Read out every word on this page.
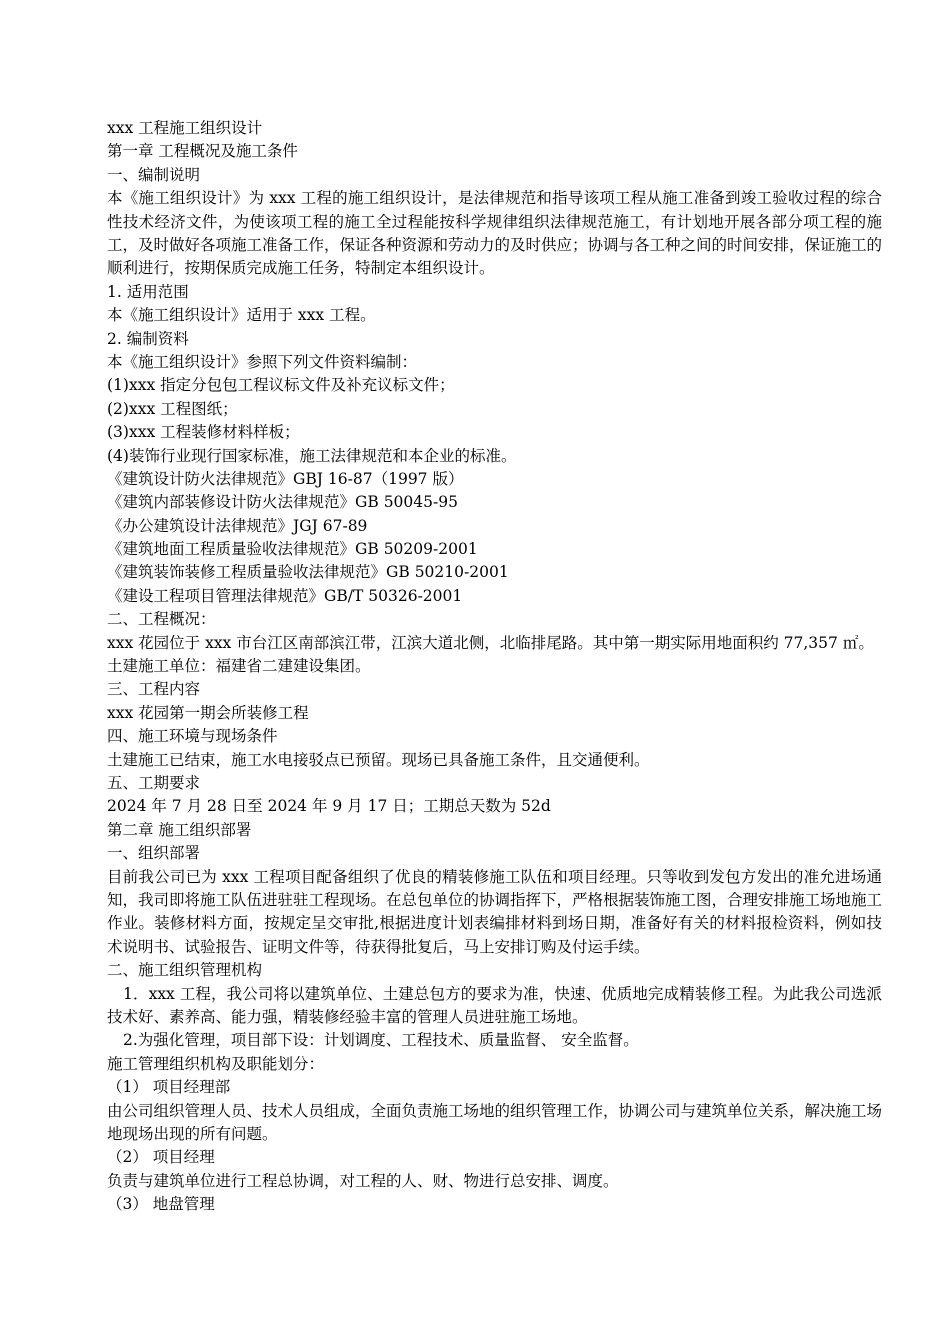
xxx 工程施工组织设计
第一章 工程概况及施工条件
一、编制说明

本《施工组织设计》为 xxx 工程的施工组织设计，是法律规范和指导该项工程从施工准备到竣工验收过程的综合性技术经济文件，为使该项工程的施工全过程能按科学规律组织法律规范施工，有计划地开展各部分项工程的施工，及时做好各项施工准备工作，保证各种资源和劳动力的及时供应；协调与各工种之间的时间安排，保证施工的顺利进行，按期保质完成施工任务，特制定本组织设计。

1. 适用范围
本《施工组织设计》适用于 xxx 工程。
2. 编制资料
本《施工组织设计》参照下列文件资料编制：
(1)xxx 指定分包包工程议标文件及补充议标文件；
(2)xxx 工程图纸；
(3)xxx 工程装修材料样板；
(4)装饰行业现行国家标准，施工法律规范和本企业的标准。
《建筑设计防火法律规范》GBJ 16-87（1997 版）
《建筑内部装修设计防火法律规范》GB 50045-95
《办公建筑设计法律规范》JGJ 67-89
《建筑地面工程质量验收法律规范》GB 50209-2001
《建筑装饰装修工程质量验收法律规范》GB 50210-2001
《建设工程项目管理法律规范》GB/T 50326-2001
二、工程概况：

xxx 花园位于 xxx 市台江区南部滨江带，江滨大道北侧，北临排尾路。其中第一期实际用地面积约 77,357 ㎡。

土建施工单位：福建省二建建设集团。
三、工程内容
xxx 花园第一期会所装修工程
四、施工环境与现场条件
土建施工已结束，施工水电接驳点已预留。现场已具备施工条件，且交通便利。
五、工期要求
2024 年 7 月 28 日至 2024 年 9 月 17 日；工期总天数为 52d
第二章 施工组织部署
一、组织部署

目前我公司已为 xxx 工程项目配备组织了优良的精装修施工队伍和项目经理。只等收到发包方发出的准允进场通知，我司即将施工队伍进驻驻工程现场。在总包单位的协调指挥下，严格根据装饰施工图，合理安排施工场地施工作业。装修材料方面，按规定呈交审批,根据进度计划表编排材料到场日期，准备好有关的材料报检资料，例如技术说明书、试验报告、证明文件等，待获得批复后，马上安排订购及付运手续。

二、施工组织管理机构

1．xxx 工程，我公司将以建筑单位、土建总包方的要求为准，快速、优质地完成精装修工程。为此我公司选派技术好、素养高、能力强，精装修经验丰富的管理人员进驻施工场地。

2.为强化管理，项目部下设：计划调度、工程技术、质量监督、 安全监督。
施工管理组织机构及职能划分：
（1） 项目经理部

由公司组织管理人员、技术人员组成，全面负责施工场地的组织管理工作，协调公司与建筑单位关系，解决施工场地现场出现的所有问题。

（2） 项目经理
负责与建筑单位进行工程总协调，对工程的人、财、物进行总安排、调度。
（3） 地盘管理
